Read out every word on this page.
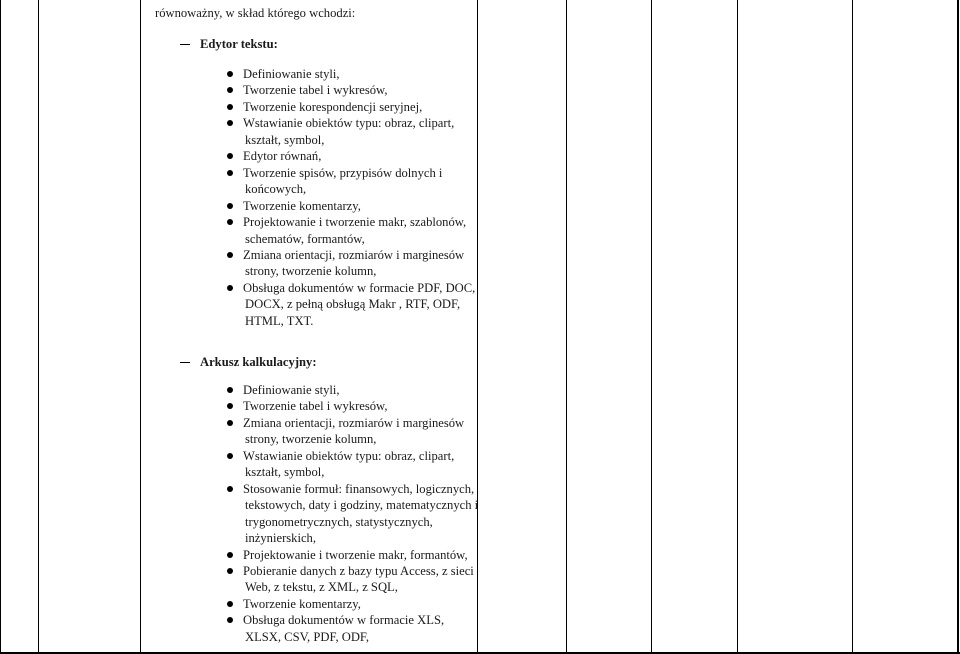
równoważny, w skład którego wchodzi:
Edytor tekstu:
Definiowanie styli,
Tworzenie tabel i wykresów,
Tworzenie korespondencji seryjnej,
Wstawianie obiektów typu: obraz, clipart,
kształt, symbol,
Edytor równań,
Tworzenie spisów, przypisów dolnych i
końcowych,
Tworzenie komentarzy,
Projektowanie i tworzenie makr, szablonów,
schematów, formantów,
Zmiana orientacji, rozmiarów i marginesów
strony, tworzenie kolumn,
Obsługa dokumentów w formacie PDF, DOC,
DOCX, z pełną obsługą Makr , RTF, ODF,
HTML, TXT.
Arkusz kalkulacyjny:
Definiowanie styli,
Tworzenie tabel i wykresów,
Zmiana orientacji, rozmiarów i marginesów
strony, tworzenie kolumn,
Wstawianie obiektów typu: obraz, clipart,
kształt, symbol,
Stosowanie formuł: finansowych, logicznych,
tekstowych, daty i godziny, matematycznych i
trygonometrycznych, statystycznych,
inżynierskich,
Projektowanie i tworzenie makr, formantów,
Pobieranie danych z bazy typu Access, z sieci
Web, z tekstu, z XML, z SQL,
Tworzenie komentarzy,
Obsługa dokumentów w formacie XLS,
XLSX, CSV, PDF, ODF,
